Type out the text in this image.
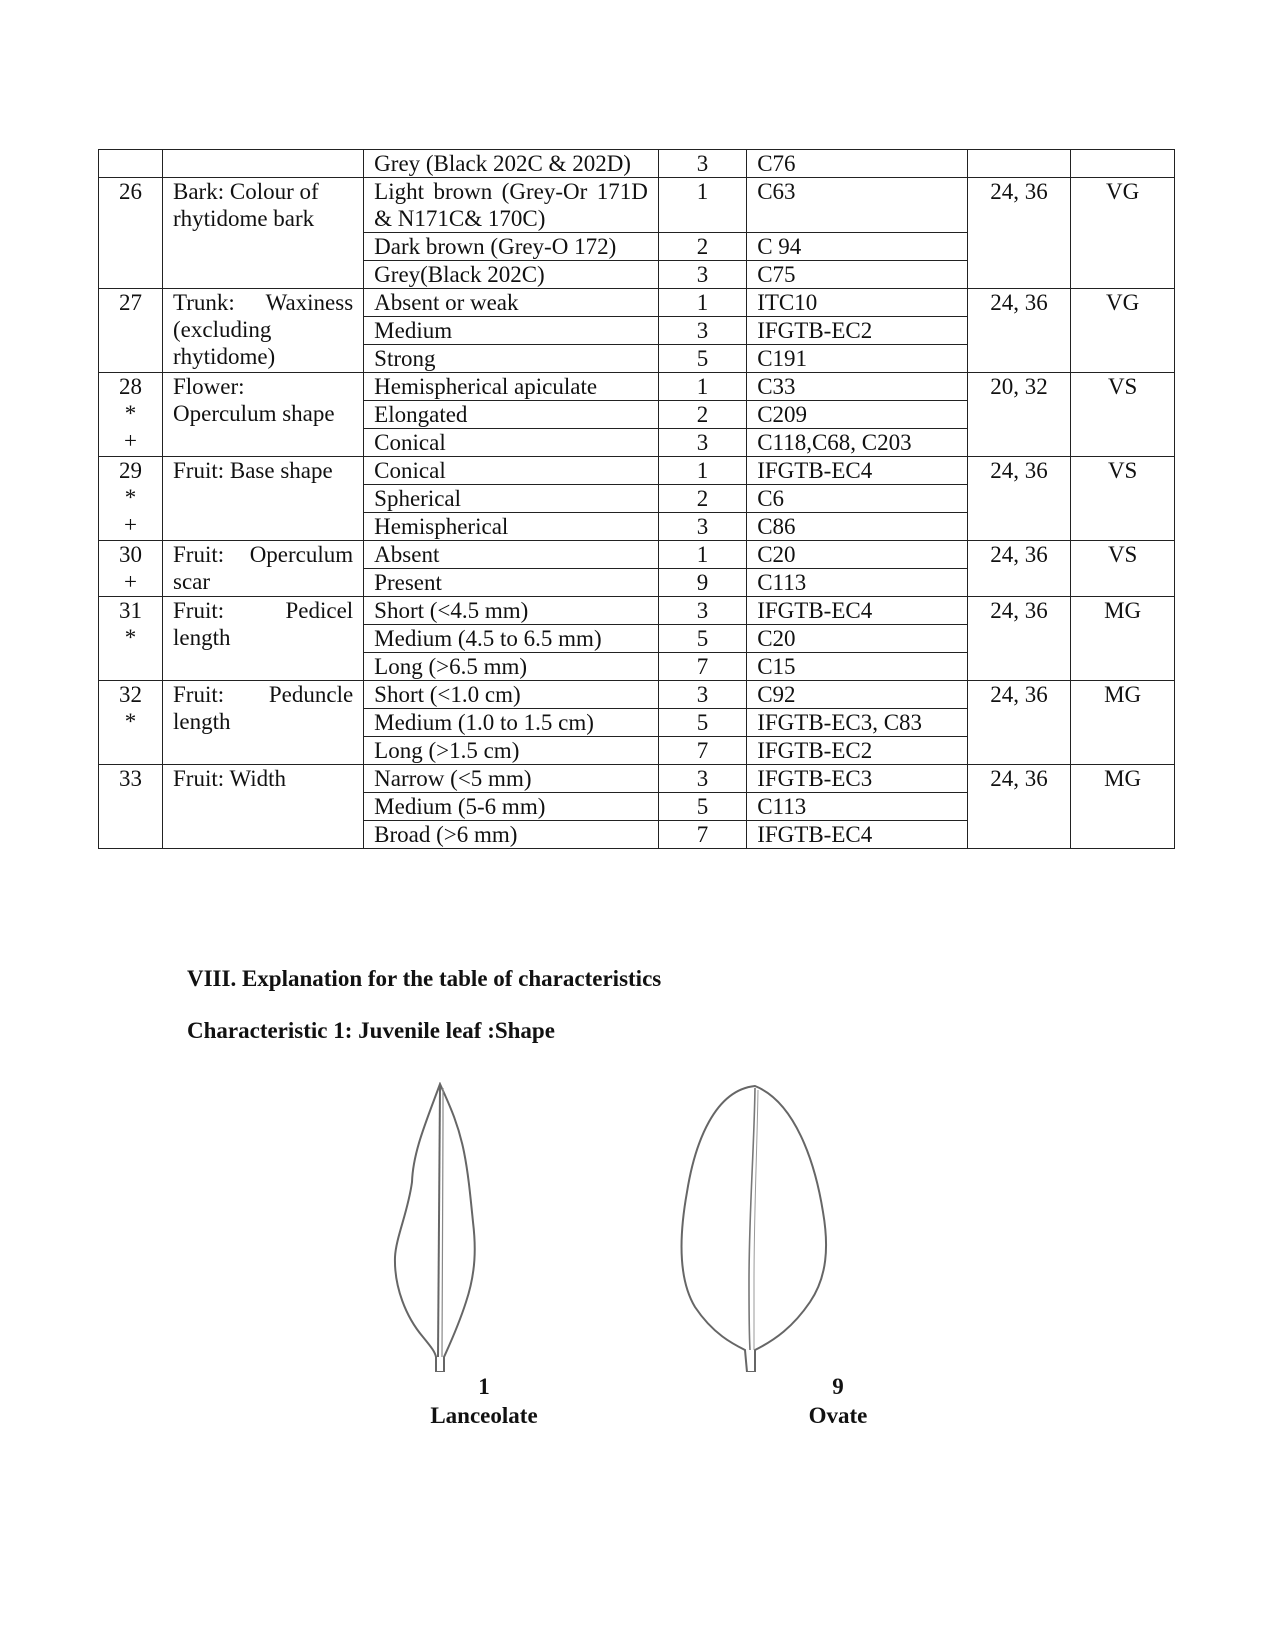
		Grey (Black 202C & 202D)	3	C76		

26	Bark: Colour of rhytidome bark	Light brown (Grey-Or 171D & N171C& 170C)	1	C63	24, 36	VG
		Dark brown (Grey-O 172)	2	C 94		
		Grey(Black 202C)	3	C75		

27	Trunk: Waxiness (excluding rhytidome)	Absent or weak	1	ITC10	24, 36	VG
		Medium	3	IFGTB-EC2		
		Strong	5	C191		

28
*
+	Flower: Operculum shape	Hemispherical apiculate	1	C33	20, 32	VS
		Elongated	2	C209		
		Conical	3	C118,C68, C203		

29
*
+	Fruit: Base shape	Conical	1	IFGTB-EC4	24, 36	VS
		Spherical	2	C6		
		Hemispherical	3	C86		

30
+	Fruit: Operculum scar	Absent	1	C20	24, 36	VS
		Present	9	C113		

31
*	Fruit: Pedicel length	Short (<4.5 mm)	3	IFGTB-EC4	24, 36	MG
		Medium (4.5 to 6.5 mm)	5	C20		
		Long (>6.5 mm)	7	C15		

32
*	Fruit: Peduncle length	Short (<1.0 cm)	3	C92	24, 36	MG
		Medium (1.0 to 1.5 cm)	5	IFGTB-EC3, C83		
		Long (>1.5 cm)	7	IFGTB-EC2		

33	Fruit: Width	Narrow (<5 mm)	3	IFGTB-EC3	24, 36	MG
		Medium (5-6 mm)	5	C113		
		Broad (>6 mm)	7	IFGTB-EC4		
VIII. Explanation for the table of characteristics
Characteristic 1: Juvenile leaf :Shape
1
Lanceolate
9
Ovate
